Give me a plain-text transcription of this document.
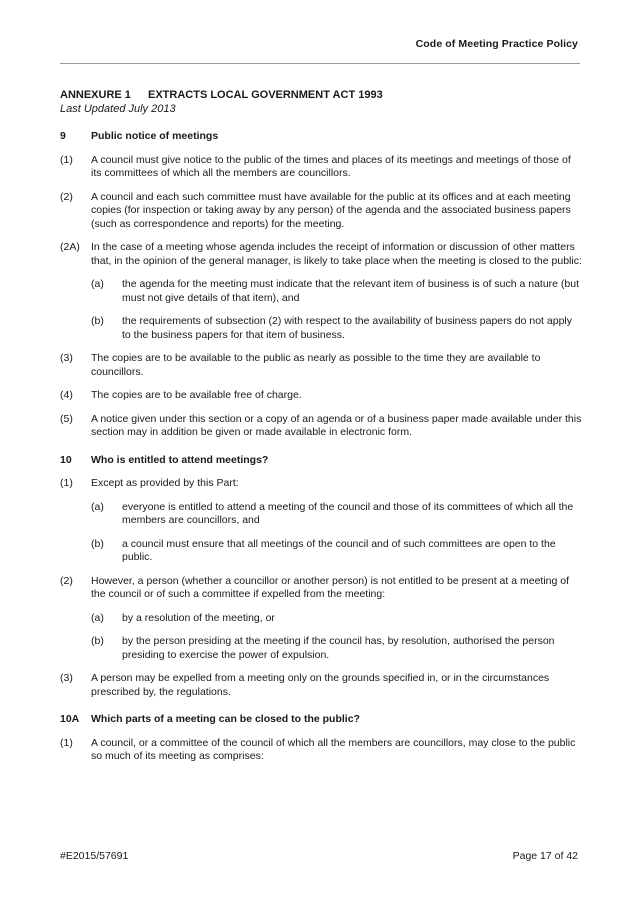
Code of Meeting Practice Policy
ANNEXURE 1 EXTRACTS LOCAL GOVERNMENT ACT 1993
Last Updated July 2013
9	Public notice of meetings
(1)	A council must give notice to the public of the times and places of its meetings and meetings of those of its committees of which all the members are councillors.
(2)	A council and each such committee must have available for the public at its offices and at each meeting copies (for inspection or taking away by any person) of the agenda and the associated business papers (such as correspondence and reports) for the meeting.
(2A)	In the case of a meeting whose agenda includes the receipt of information or discussion of other matters that, in the opinion of the general manager, is likely to take place when the meeting is closed to the public:
(a)	the agenda for the meeting must indicate that the relevant item of business is of such a nature (but must not give details of that item), and
(b)	the requirements of subsection (2) with respect to the availability of business papers do not apply to the business papers for that item of business.
(3)	The copies are to be available to the public as nearly as possible to the time they are available to councillors.
(4)	The copies are to be available free of charge.
(5)	A notice given under this section or a copy of an agenda or of a business paper made available under this section may in addition be given or made available in electronic form.
10	Who is entitled to attend meetings?
(1)	Except as provided by this Part:
(a)	everyone is entitled to attend a meeting of the council and those of its committees of which all the members are councillors, and
(b)	a council must ensure that all meetings of the council and of such committees are open to the public.
(2)	However, a person (whether a councillor or another person) is not entitled to be present at a meeting of the council or of such a committee if expelled from the meeting:
(a)	by a resolution of the meeting, or
(b)	by the person presiding at the meeting if the council has, by resolution, authorised the person presiding to exercise the power of expulsion.
(3)	A person may be expelled from a meeting only on the grounds specified in, or in the circumstances prescribed by, the regulations.
10A	Which parts of a meeting can be closed to the public?
(1)	A council, or a committee of the council of which all the members are councillors, may close to the public so much of its meeting as comprises:
#E2015/57691	Page 17 of 42
